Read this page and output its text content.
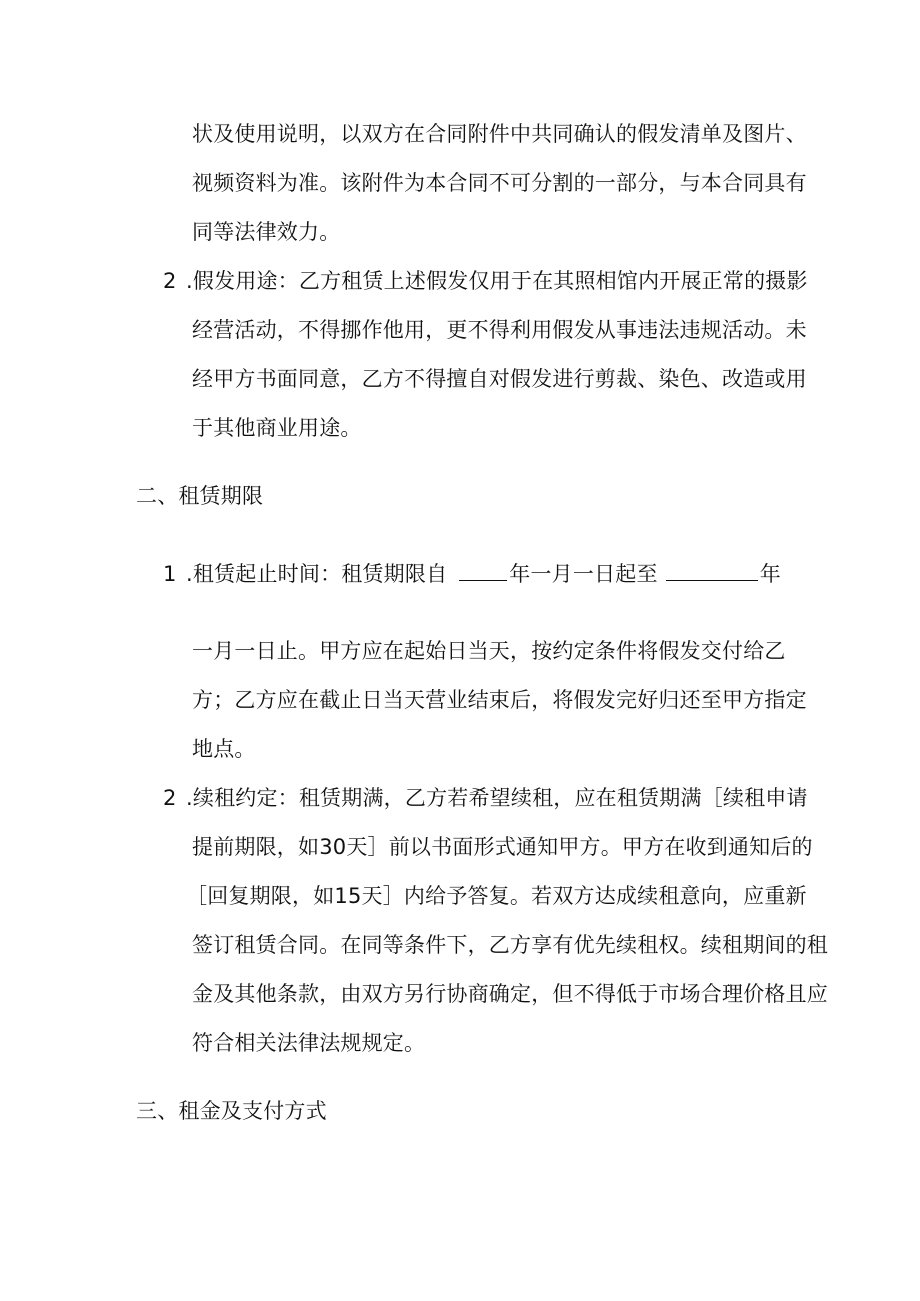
状及使用说明，以双方在合同附件中共同确认的假发清单及图片、
视频资料为准。该附件为本合同不可分割的一部分，与本合同具有
同等法律效力。
2 .假发用途：乙方租赁上述假发仅用于在其照相馆内开展正常的摄影
经营活动，不得挪作他用，更不得利用假发从事违法违规活动。未
经甲方书面同意，乙方不得擅自对假发进行剪裁、染色、改造或用
于其他商业用途。
二、租赁期限
1 .租赁起止时间：租赁期限自	年一月一日起至	年
一月一日止。甲方应在起始日当天，按约定条件将假发交付给乙
方；乙方应在截止日当天营业结束后，将假发完好归还至甲方指定
地点。
2 .续租约定：租赁期满，乙方若希望续租，应在租赁期满［续租申请
提前期限，如30天］前以书面形式通知甲方。甲方在收到通知后的
［回复期限，如15天］内给予答复。若双方达成续租意向，应重新
签订租赁合同。在同等条件下，乙方享有优先续租权。续租期间的租
金及其他条款，由双方另行协商确定，但不得低于市场合理价格且应
符合相关法律法规规定。
三、租金及支付方式
